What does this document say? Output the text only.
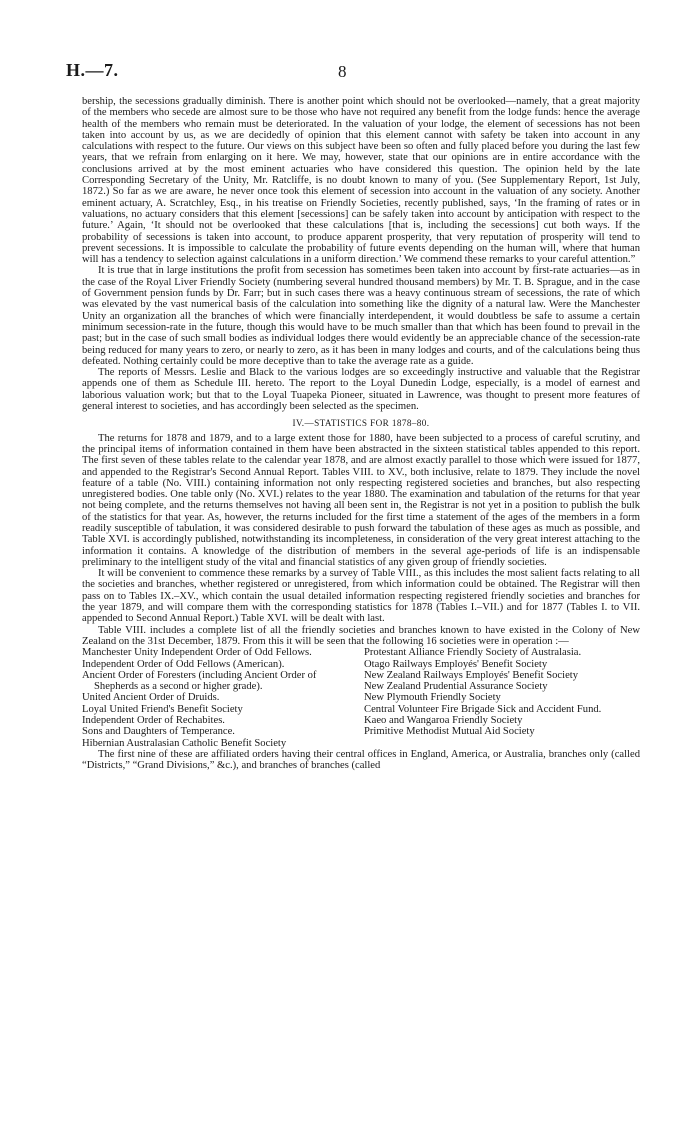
H.—7.	8

bership, the secessions gradually diminish. There is another point which should not be overlooked—namely, that a great majority of the members who secede are almost sure to be those who have not required any benefit from the lodge funds: hence the average health of the members who remain must be deteriorated. In the valuation of your lodge, the element of secessions has not been taken into account by us, as we are decidedly of opinion that this element cannot with safety be taken into account in any calculations with respect to the future. Our views on this subject have been so often and fully placed before you during the last few years, that we refrain from enlarging on it here. We may, however, state that our opinions are in entire accordance with the conclusions arrived at by the most eminent actuaries who have considered this question. The opinion held by the late Corresponding Secretary of the Unity, Mr. Ratcliffe, is no doubt known to many of you. (See Supplementary Report, 1st July, 1872.) So far as we are aware, he never once took this element of secession into account in the valuation of any society. Another eminent actuary, A. Scratchley, Esq., in his treatise on Friendly Societies, recently published, says, ‘In the framing of rates or in valuations, no actuary considers that this element [secessions] can be safely taken into account by anticipation with respect to the future.’ Again, ‘It should not be overlooked that these calculations [that is, including the secessions] cut both ways. If the probability of secessions is taken into account, to produce apparent prosperity, that very reputation of prosperity will tend to prevent secessions. It is impossible to calculate the probability of future events depending on the human will, where that human will has a tendency to selection against calculations in a uniform direction.’ We commend these remarks to your careful attention.”

It is true that in large institutions the profit from secession has sometimes been taken into account by first-rate actuaries—as in the case of the Royal Liver Friendly Society (numbering several hundred thousand members) by Mr. T. B. Sprague, and in the case of Government pension funds by Dr. Farr; but in such cases there was a heavy continuous stream of secessions, the rate of which was elevated by the vast numerical basis of the calculation into something like the dignity of a natural law. Were the Manchester Unity an organization all the branches of which were financially interdependent, it would doubtless be safe to assume a certain minimum secession-rate in the future, though this would have to be much smaller than that which has been found to prevail in the past; but in the case of such small bodies as individual lodges there would evidently be an appreciable chance of the secession-rate being reduced for many years to zero, or nearly to zero, as it has been in many lodges and courts, and of the calculations being thus defeated. Nothing certainly could be more deceptive than to take the average rate as a guide.

The reports of Messrs. Leslie and Black to the various lodges are so exceedingly instructive and valuable that the Registrar appends one of them as Schedule III. hereto. The report to the Loyal Dunedin Lodge, especially, is a model of earnest and laborious valuation work; but that to the Loyal Tuapeka Pioneer, situated in Lawrence, was thought to present more features of general interest to societies, and has accordingly been selected as the specimen.

IV.—STATISTICS FOR 1878–80.

The returns for 1878 and 1879, and to a large extent those for 1880, have been subjected to a process of careful scrutiny, and the principal items of information contained in them have been abstracted in the sixteen statistical tables appended to this report. The first seven of these tables relate to the calendar year 1878, and are almost exactly parallel to those which were issued for 1877, and appended to the Registrar's Second Annual Report. Tables VIII. to XV., both inclusive, relate to 1879. They include the novel feature of a table (No. VIII.) containing information not only respecting registered societies and branches, but also respecting unregistered bodies. One table only (No. XVI.) relates to the year 1880. The examination and tabulation of the returns for that year not being complete, and the returns themselves not having all been sent in, the Registrar is not yet in a position to publish the bulk of the statistics for that year. As, however, the returns included for the first time a statement of the ages of the members in a form readily susceptible of tabulation, it was considered desirable to push forward the tabulation of these ages as much as possible, and Table XVI. is accordingly published, notwithstanding its incompleteness, in consideration of the very great interest attaching to the information it contains. A knowledge of the distribution of members in the several age-periods of life is an indispensable preliminary to the intelligent study of the vital and financial statistics of any given group of friendly societies.

It will be convenient to commence these remarks by a survey of Table VIII., as this includes the most salient facts relating to all the societies and branches, whether registered or unregistered, from which information could be obtained. The Registrar will then pass on to Tables IX.–XV., which contain the usual detailed information respecting registered friendly societies and branches for the year 1879, and will compare them with the corresponding statistics for 1878 (Tables I.–VII.) and for 1877 (Tables I. to VII. appended to Second Annual Report.) Table XVI. will be dealt with last.

Table VIII. includes a complete list of all the friendly societies and branches known to have existed in the Colony of New Zealand on the 31st December, 1879. From this it will be seen that the following 16 societies were in operation :—

Manchester Unity Independent Order of Odd Fellows.
Independent Order of Odd Fellows (American).
Ancient Order of Foresters (including Ancient Order of Shepherds as a second or higher grade).
United Ancient Order of Druids.
Loyal United Friend's Benefit Society
Independent Order of Rechabites.
Sons and Daughters of Temperance.
Hibernian Australasian Catholic Benefit Society
Protestant Alliance Friendly Society of Australasia.
Otago Railways Employés' Benefit Society
New Zealand Railways Employés' Benefit Society
New Zealand Prudential Assurance Society
New Plymouth Friendly Society
Central Volunteer Fire Brigade Sick and Accident Fund.
Kaeo and Wangaroa Friendly Society
Primitive Methodist Mutual Aid Society

The first nine of these are affiliated orders having their central offices in England, America, or Australia, branches only (called “Districts,” “Grand Divisions,” &c.), and branches of branches (called
